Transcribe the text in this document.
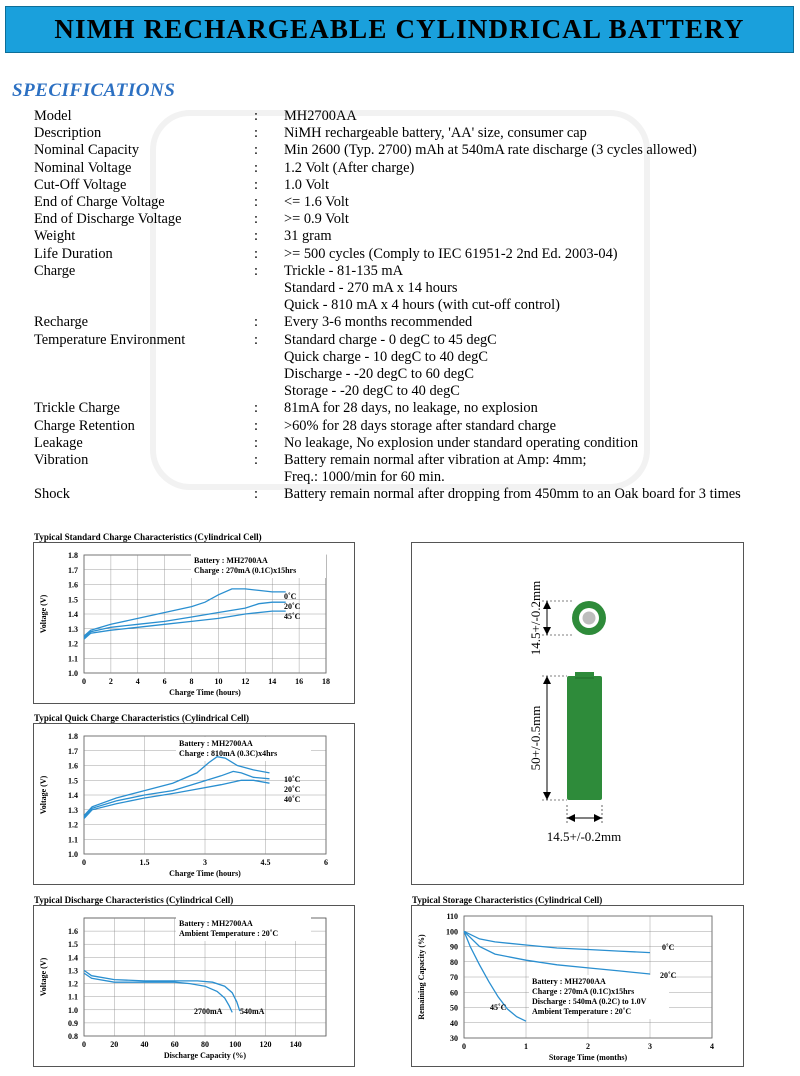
NIMH RECHARGEABLE CYLINDRICAL BATTERY
SPECIFICATIONS
Model	:	MH2700AA
Description	:	NiMH rechargeable battery, 'AA' size, consumer cap
Nominal Capacity	:	Min 2600 (Typ. 2700) mAh at 540mA rate discharge (3 cycles allowed)
Nominal Voltage	:	1.2 Volt (After charge)
Cut-Off Voltage	:	1.0 Volt
End of Charge Voltage	:	<= 1.6 Volt
End of Discharge Voltage	:	>= 0.9 Volt
Weight	:	31 gram
Life Duration	:	>= 500 cycles (Comply to IEC 61951-2 2nd Ed. 2003-04)
Charge	:	Trickle - 81-135 mA
Standard - 270 mA x 14 hours
Quick - 810 mA x 4 hours (with cut-off control)
Recharge	:	Every 3-6 months recommended
Temperature Environment	:	Standard charge - 0 degC to 45 degC
Quick charge - 10 degC to 40 degC
Discharge - -20 degC to 60 degC
Storage - -20 degC to 40 degC
Trickle Charge	:	81mA for 28 days, no leakage, no explosion
Charge Retention	:	>60% for 28 days storage after standard charge
Leakage	:	No leakage, No explosion under standard operating condition
Vibration	:	Battery remain normal after vibration at Amp: 4mm;
Freq.: 1000/min for 60 min.
Shock	:	Battery remain normal after dropping from 450mm to an Oak board for 3 times
Typical Standard Charge Characteristics (Cylindrical Cell)
0	2	4	6	8	10 12 14 16 18
1.0
1.1
1.2
1.3
1.4
1.5
1.6
1.7
1.8
Charge Time (hours)
Voltage (V)
Battery : MH2700AA
Charge : 270mA (0.1C)x15hrs
0˚C
20˚C
45˚C
Typical Quick Charge Characteristics (Cylindrical Cell)
0	1.5	3	4.5	6
1.0
1.1
1.2
1.3
1.4
1.5
1.6
1.7
1.8
Charge Time (hours)
Voltage (V)
Battery : MH2700AA
Charge : 810mA (0.3C)x4hrs
10˚C
20˚C
40˚C
Typical Discharge Characteristics (Cylindrical Cell)
0	20	40	60	80	100 120 140
0.8
0.9
1.0
1.1
1.2
1.3
1.4
1.5
1.6
Discharge Capacity (%)
Voltage (V)
Battery : MH2700AA
Ambient Temperature : 20˚C
2700mA 540mA
Typical Storage Characteristics (Cylindrical Cell)
0	1	2	3	4
30
40
50
60
70
80
90
100
110
Storage Time (months)
Remaining Capacity (%)	Battery : MH2700AA
Charge : 270mA (0.1C)x15hrs
Discharge : 540mA (0.2C) to 1.0V
Ambient Temperature : 20˚C
0˚C
20˚C
45˚C
14.5+/-0.2mm
50+/-0.5mm
14.5+/-0.2mm
